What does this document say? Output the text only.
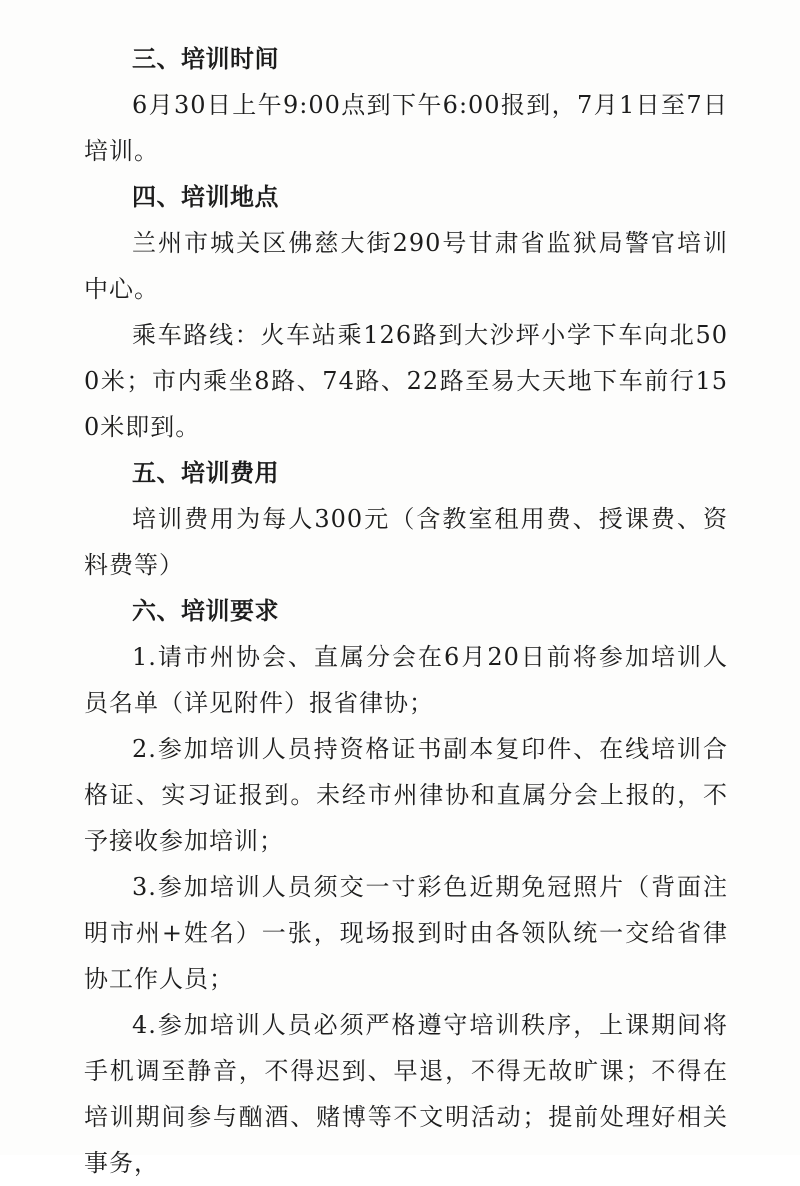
三、培训时间

6月30日上午9:00点到下午6:00报到，7月1日至7日培训。

四、培训地点

兰州市城关区佛慈大街290号甘肃省监狱局警官培训中心。

乘车路线：火车站乘126路到大沙坪小学下车向北500米；市内乘坐8路、74路、22路至易大天地下车前行150米即到。

五、培训费用

培训费用为每人300元（含教室租用费、授课费、资料费等）

六、培训要求

1.请市州协会、直属分会在6月20日前将参加培训人员名单（详见附件）报省律协；

2.参加培训人员持资格证书副本复印件、在线培训合格证、实习证报到。未经市州律协和直属分会上报的，不予接收参加培训；

3.参加培训人员须交一寸彩色近期免冠照片（背面注明市州+姓名）一张，现场报到时由各领队统一交给省律协工作人员；

4.参加培训人员必须严格遵守培训秩序，上课期间将手机调至静音，不得迟到、早退，不得无故旷课；不得在培训期间参与酗酒、赌博等不文明活动；提前处理好相关事务，
